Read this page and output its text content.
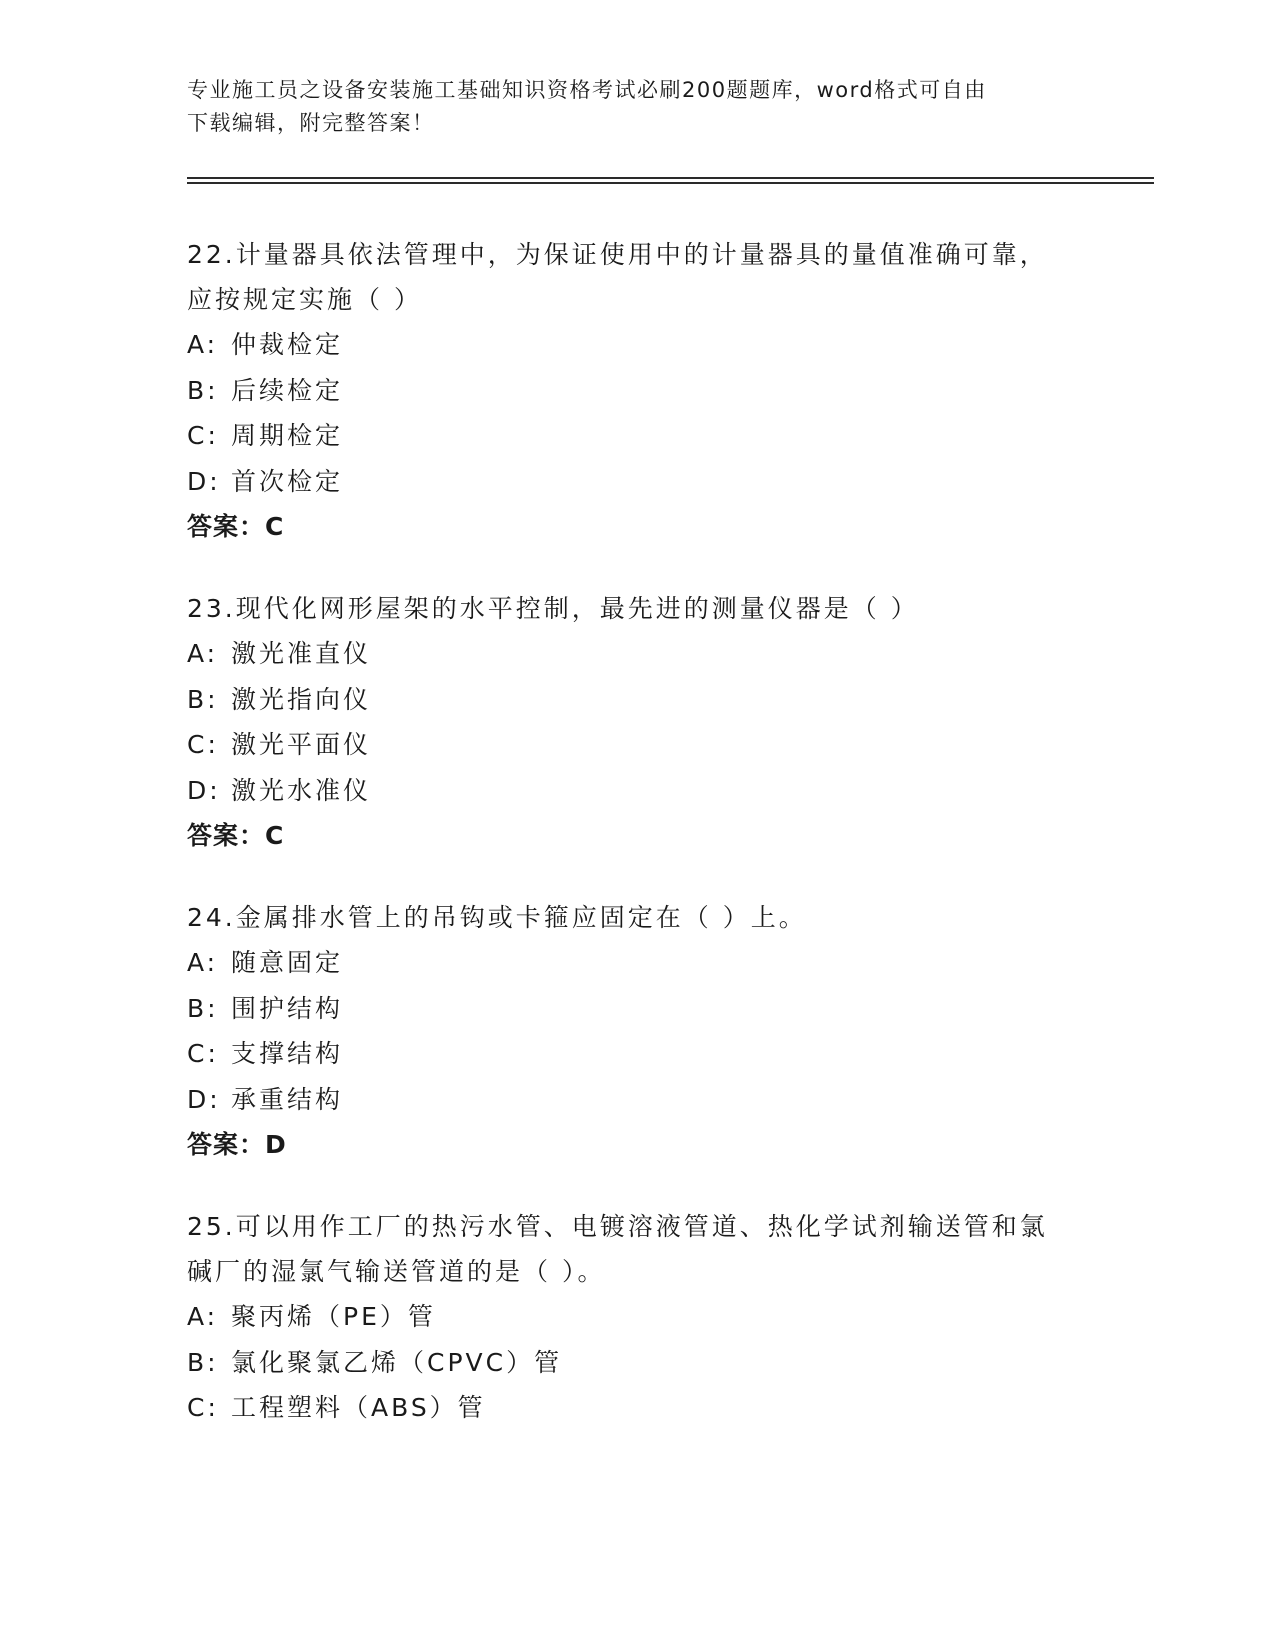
专业施工员之设备安装施工基础知识资格考试必刷200题题库，word格式可自由
下载编辑，附完整答案！
22.计量器具依法管理中，为保证使用中的计量器具的量值准确可靠，
应按规定实施（ ）
A: 仲裁检定
B: 后续检定
C: 周期检定
D: 首次检定
答案：C
23.现代化网形屋架的水平控制，最先进的测量仪器是（ ）
A: 激光准直仪
B: 激光指向仪
C: 激光平面仪
D: 激光水准仪
答案：C
24.金属排水管上的吊钩或卡箍应固定在（ ）上。
A: 随意固定
B: 围护结构
C: 支撑结构
D: 承重结构
答案：D
25.可以用作工厂的热污水管、电镀溶液管道、热化学试剂输送管和氯
碱厂的湿氯气输送管道的是（ ）。
A: 聚丙烯（PE）管
B: 氯化聚氯乙烯（CPVC）管
C: 工程塑料（ABS）管
